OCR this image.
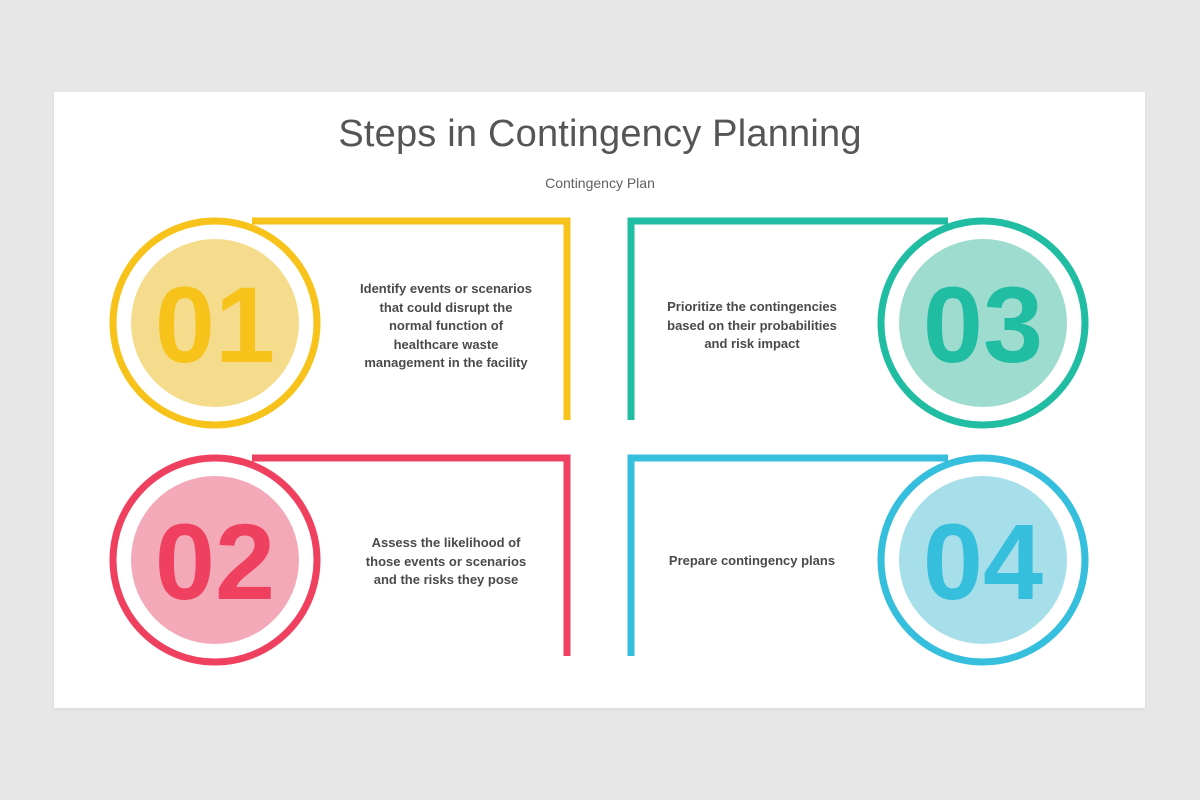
Steps in Contingency Planning
Contingency Plan
01
02
03
04
Identify events or scenarios
that could disrupt the
normal function of
healthcare waste
management in the facility
Assess the likelihood of
those events or scenarios
and the risks they pose
Prioritize the contingencies
based on their probabilities
and risk impact
Prepare contingency plans
